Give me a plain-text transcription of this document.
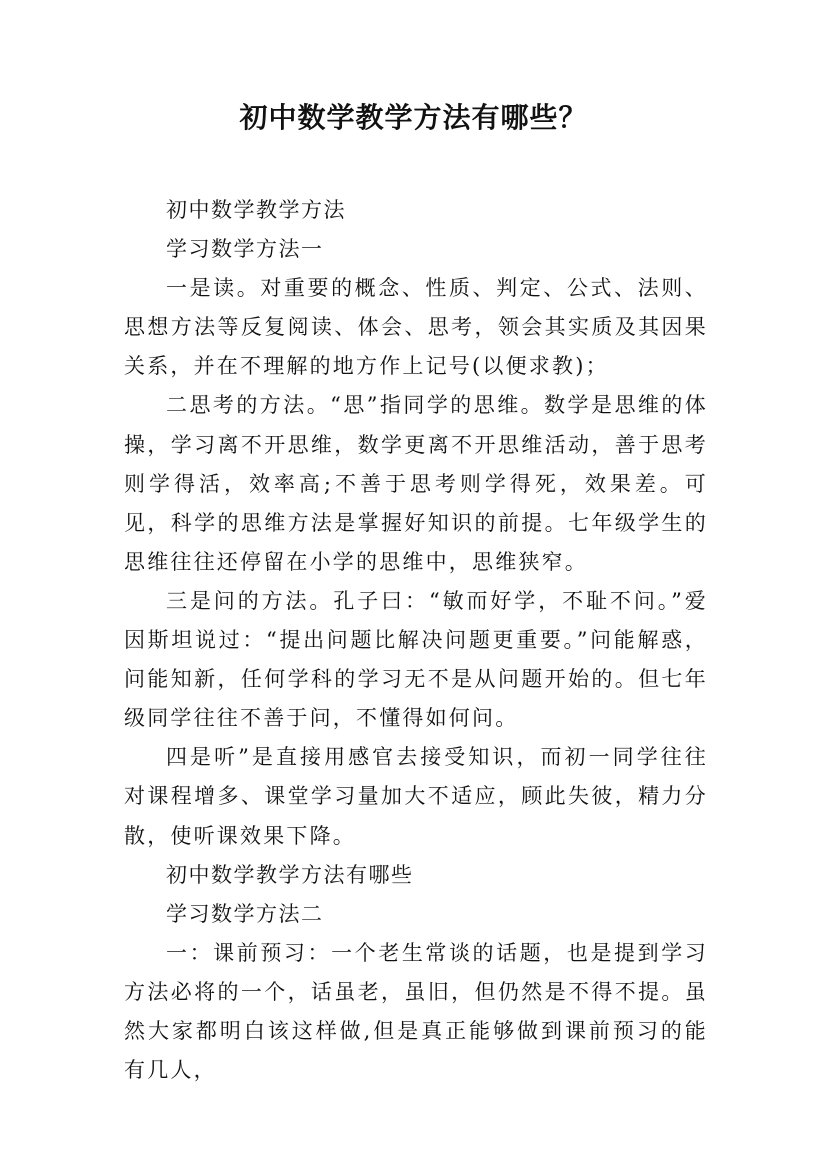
初中数学教学方法有哪些？

初中数学教学方法

学习数学方法一

一是读。对重要的概念、性质、判定、公式、法则、思想方法等反复阅读、体会、思考，领会其实质及其因果关系，并在不理解的地方作上记号(以便求教)；

二思考的方法。“思”指同学的思维。数学是思维的体操，学习离不开思维，数学更离不开思维活动，善于思考则学得活，效率高;不善于思考则学得死，效果差。可见，科学的思维方法是掌握好知识的前提。七年级学生的思维往往还停留在小学的思维中，思维狭窄。

三是问的方法。孔子曰：“敏而好学，不耻不问。”爱因斯坦说过：“提出问题比解决问题更重要。”问能解惑，问能知新，任何学科的学习无不是从问题开始的。但七年级同学往往不善于问，不懂得如何问。

四是听”是直接用感官去接受知识，而初一同学往往对课程增多、课堂学习量加大不适应，顾此失彼，精力分散，使听课效果下降。

初中数学教学方法有哪些

学习数学方法二

一：课前预习：一个老生常谈的话题，也是提到学习方法必将的一个，话虽老，虽旧，但仍然是不得不提。虽然大家都明白该这样做,但是真正能够做到课前预习的能有几人，
